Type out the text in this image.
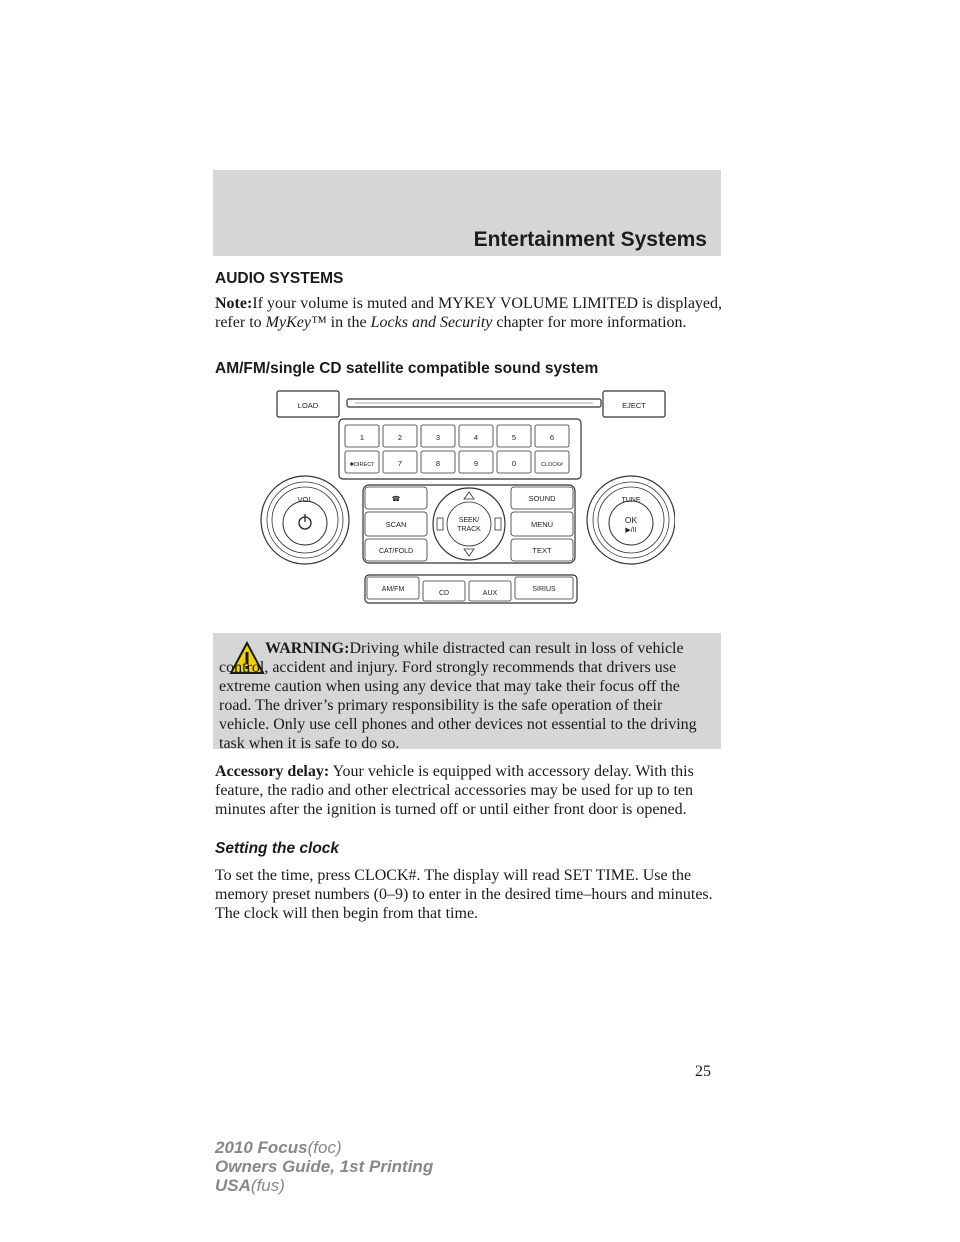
Entertainment Systems
AUDIO SYSTEMS
Note:If your volume is muted and MYKEY VOLUME LIMITED is displayed, refer to MyKey™ in the Locks and Security chapter for more information.
AM/FM/single CD satellite compatible sound system
LOAD	EJECT
1	2	3	4	5	6
✱DIRECT	7	8	9	0	CLOCK#
VOL	TUNE
OK
▶/II
☎
SCAN
CAT/FOLD
SEEK/
TRACK
SOUND
MENU
TEXT
AM/FM
CD	AUX
SIRIUS
WARNING:Driving while distracted can result in loss of vehicle
control, accident and injury. Ford strongly recommends that drivers use extreme caution when using any device that may take their focus off the road. The driver’s primary responsibility is the safe operation of their vehicle. Only use cell phones and other devices not essential to the driving task when it is safe to do so.
Accessory delay: Your vehicle is equipped with accessory delay. With this feature, the radio and other electrical accessories may be used for up to ten minutes after the ignition is turned off or until either front door is opened.
Setting the clock
To set the time, press CLOCK#. The display will read SET TIME. Use the memory preset numbers (0–9) to enter in the desired time–hours and minutes. The clock will then begin from that time.
25
2010 Focus(foc)
Owners Guide, 1st Printing
USA(fus)
